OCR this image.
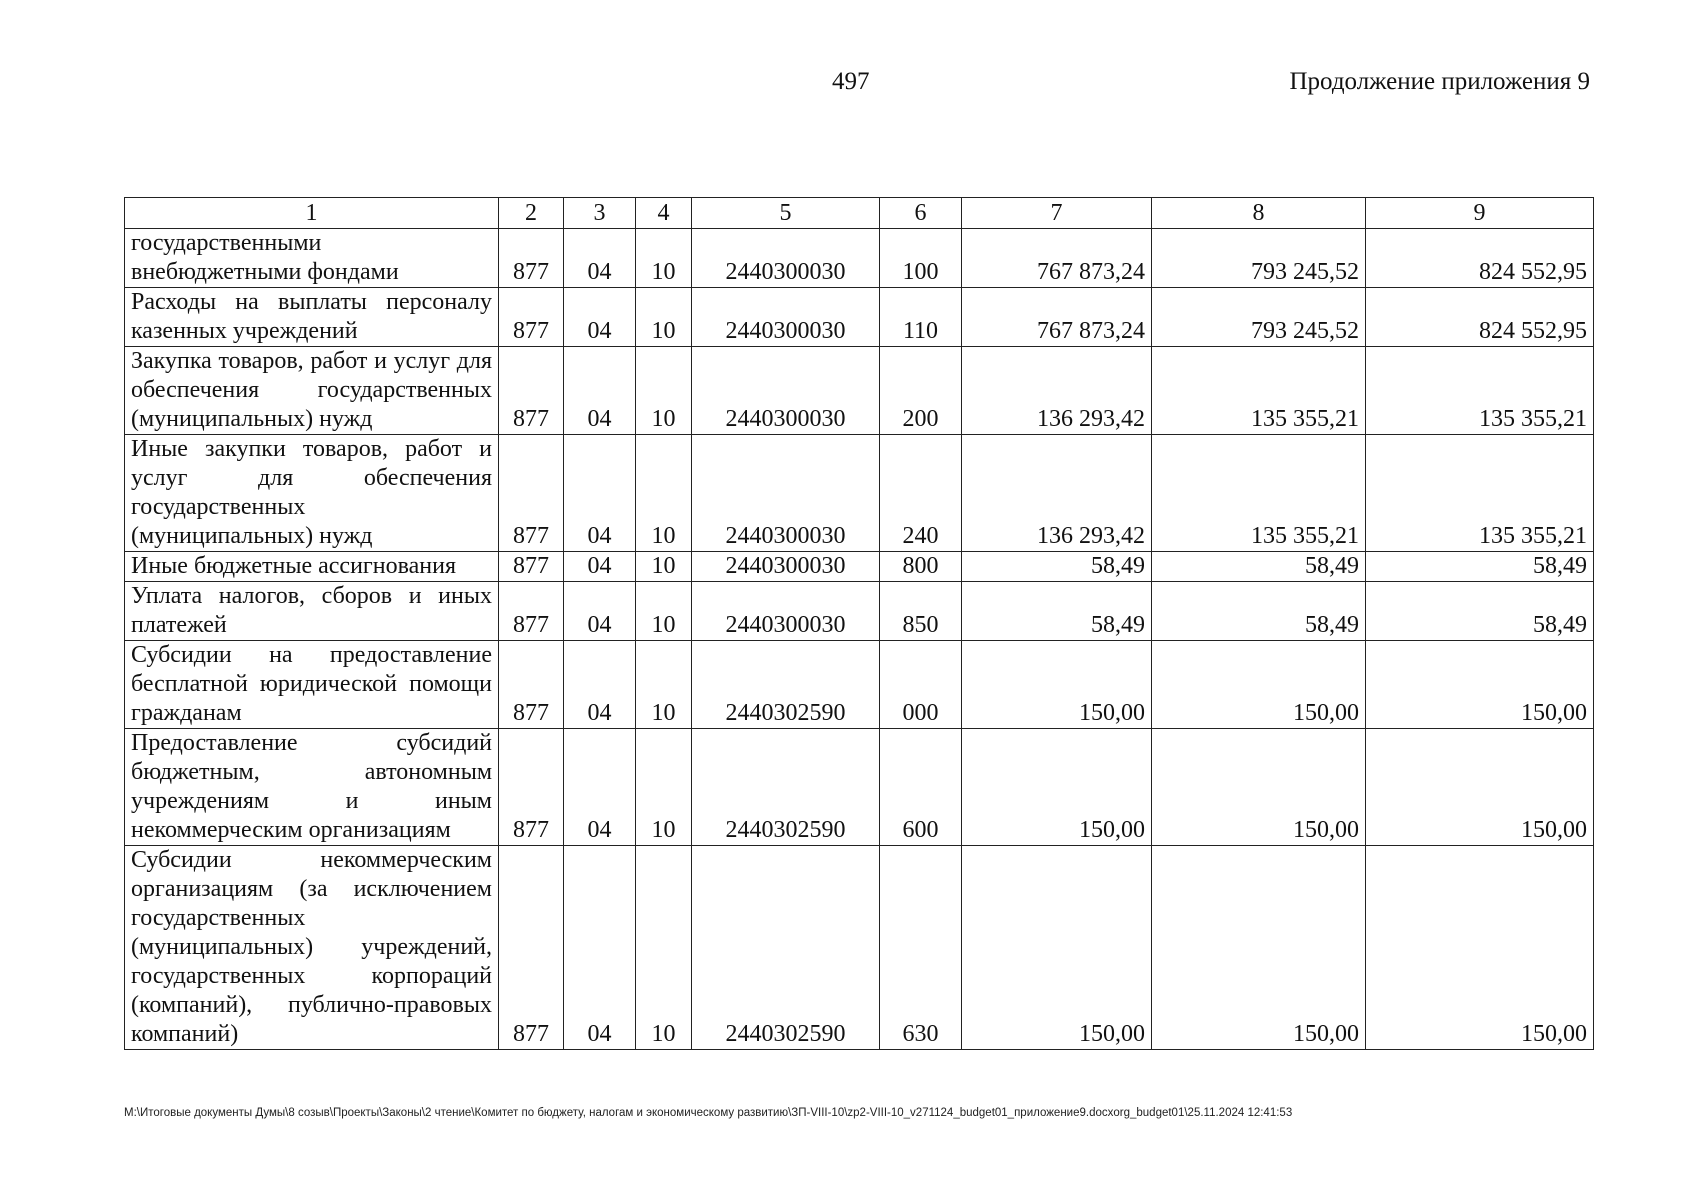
497	Продолжение приложения 9
1	2	3	4	5	6	7	8	9
государственными внебюджетными фондами	877	04	10	2440300030	100	767 873,24	793 245,52	824 552,95
Расходы на выплаты персоналу казенных учреждений	877	04	10	2440300030	110	767 873,24	793 245,52	824 552,95
Закупка товаров, работ и услуг для обеспечения государственных (муниципальных) нужд	877	04	10	2440300030	200	136 293,42	135 355,21	135 355,21
Иные закупки товаров, работ и услуг для обеспечения государственных (муниципальных) нужд	877	04	10	2440300030	240	136 293,42	135 355,21	135 355,21
Иные бюджетные ассигнования	877	04	10	2440300030	800	58,49	58,49	58,49
Уплата налогов, сборов и иных платежей	877	04	10	2440300030	850	58,49	58,49	58,49
Субсидии на предоставление бесплатной юридической помощи гражданам	877	04	10	2440302590	000	150,00	150,00	150,00
Предоставление субсидий бюджетным, автономным учреждениям и иным некоммерческим организациям	877	04	10	2440302590	600	150,00	150,00	150,00
Субсидии некоммерческим организациям (за исключением государственных (муниципальных) учреждений, государственных корпораций (компаний), публично-правовых компаний)	877	04	10	2440302590	630	150,00	150,00	150,00
M:\Итоговые документы Думы\8 созыв\Проекты\Законы\2 чтение\Комитет по бюджету, налогам и экономическому развитию\ЗП-VIII-10\zp2-VIII-10_v271124_budget01_приложение9.docxorg_budget01\25.11.2024 12:41:53
